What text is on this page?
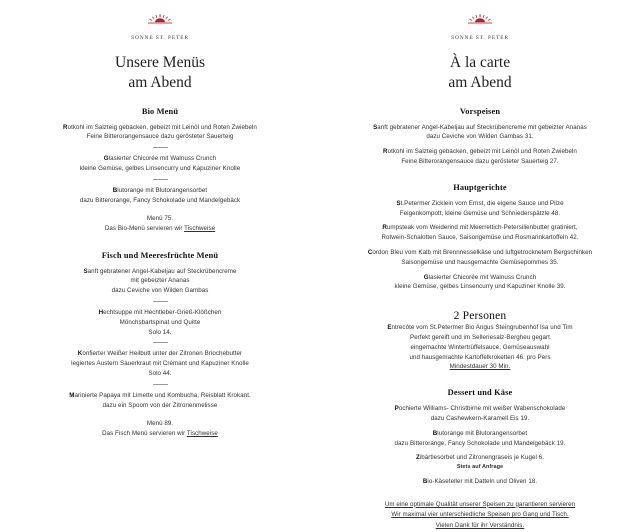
SONNE ST. PETER
Unsere Menüs
am Abend
Bio Menü
Rotkohl im Salzteig gebacken, gebeizt mit Leinöl und Roten Zwiebeln
Feine Bitterorangensauce dazu gerösteter Sauerteig
Glasierter Chicorée mit Walnuss Crunch
kleine Gemüse, gelbes Linsencurry und Kapuziner Knolle
Blutorange mit Blutorangensorbet
dazu Bitterorange, Fancy Schokolade und Mandelgebäck
Menü 75.
Das Bio-Menü servieren wir Tischweise
Fisch und Meeresfrüchte Menü
Sanft gebratener Angel-Kabeljau auf Steckrübencreme
mit gebeizter Ananas
dazu Ceviche von Wilden Gambas
Hechtsuppe mit Hechtleber-Grieß-Klößchen
Mönchsbartspinat und Quitte
Solo 14.
Konfierter Weißer Heilbutt unter der Zitronen Briochebutter
legiertes Austern Sauerkraut mit Crémant und Kapuziner Knolle
Solo 44.
Marinierte Papaya mit Limette und Kombucha, Reisblatt Krokant.
dazu ein Spoom von der Zitronenmelisse
Menü 89.
Das Fisch Menü servieren wir Tischweise
SONNE ST. PETER
À la carte
am Abend
Vorspeisen
Sanft gebratener Angel-Kabeljau auf Steckrübencreme mit gebeizter Ananas
dazu Ceviche von Wilden Gambas 31.
Rotkohl im Salzteig gebacken, gebeizt mit Leinöl und Roten Zwiebeln
Feine Bitterorangensauce dazu gerösteter Sauerteig 27.
Hauptgerichte
St.Petermer Zicklein vom Ernst, die eigene Sauce und Pilze
Feigenkompott, kleine Gemüse und Schniederspätzle 48.
Rumpsteak vom Weiderind mit Meerrettich-Petersilienbutter gratiniert,
Rotwein-Schalotten Sauce, Saisongemüse und Rosmarinkartoffeln 42.
Cordon Bleu vom Kalb mit Brennnesselkäse und luftgetrocknetem Bergschinken
Saisongemüse und hausgemachte Gemüsepommes 35.
Glasierter Chicorée mit Walnuss Crunch
kleine Gemüse, gelbes Linsencurry und Kapuziner Knolle 39.
2 Personen
Entrecôte vom St.Petermer Bio Angus Steingrubenhof Isa und Tim
Perfekt gereift und im Selleriesalz-Bergheu gegart
eingemachte Wintertrüffelsauce, Gemüseauswahl
und hausgemachte Kartoffelkroketten 46. pro Pers
Mindestdauer 30 Min.
Dessert und Käse
Pochierte Williams- Christbirne mit weißer Wabenschokolade
dazu Cashewkern-Karamell Eis 19.
Blutorange mit Blutorangensorbet
dazu Bitterorange, Fancy Schokolade und Mandelgebäck 19.
Zibärtlesorbet und Zitronengraseis je Kugel 6.
Stets auf Anfrage
Bio-Käseteller mit Datteln und Oliven 18.
Um eine optimale Qualität unserer Speisen zu garantieren servieren
Wir maximal vier unterschiedliche Speisen pro Gang und Tisch.
Vielen Dank für ihr Verständnis.
